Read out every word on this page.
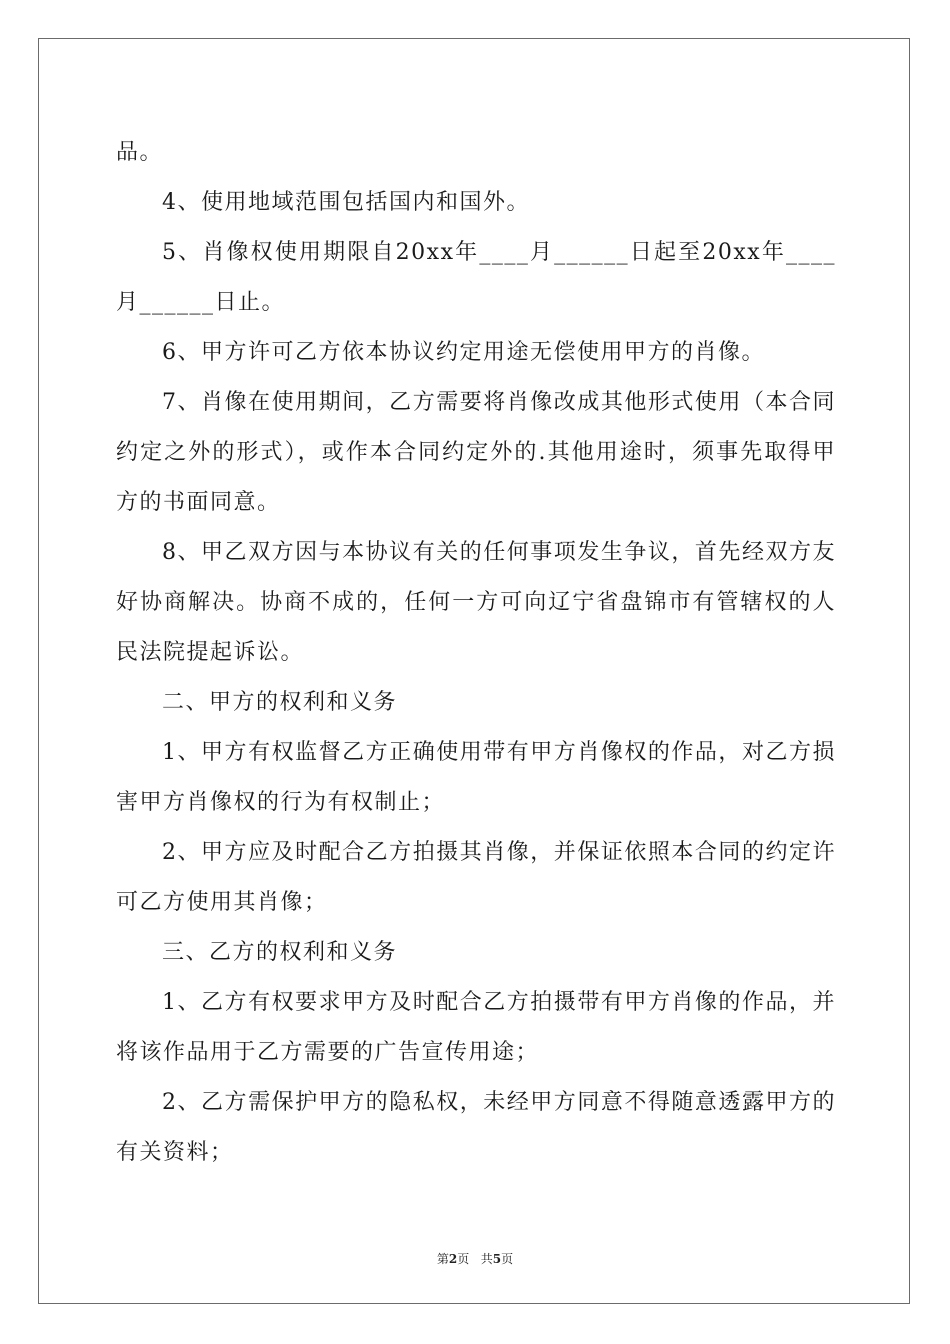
品。

4、使用地域范围包括国内和国外。

5、肖像权使用期限自20xx年____月______日起至20xx年____月______日止。

6、甲方许可乙方依本协议约定用途无偿使用甲方的肖像。

7、肖像在使用期间，乙方需要将肖像改成其他形式使用（本合同约定之外的形式），或作本合同约定外的.其他用途时，须事先取得甲方的书面同意。

8、甲乙双方因与本协议有关的任何事项发生争议，首先经双方友好协商解决。协商不成的，任何一方可向辽宁省盘锦市有管辖权的人民法院提起诉讼。

二、甲方的权利和义务

1、甲方有权监督乙方正确使用带有甲方肖像权的作品，对乙方损害甲方肖像权的行为有权制止；

2、甲方应及时配合乙方拍摄其肖像，并保证依照本合同的约定许可乙方使用其肖像；

三、乙方的权利和义务

1、乙方有权要求甲方及时配合乙方拍摄带有甲方肖像的作品，并将该作品用于乙方需要的广告宣传用途；

2、乙方需保护甲方的隐私权，未经甲方同意不得随意透露甲方的有关资料；

第2页 共5页
